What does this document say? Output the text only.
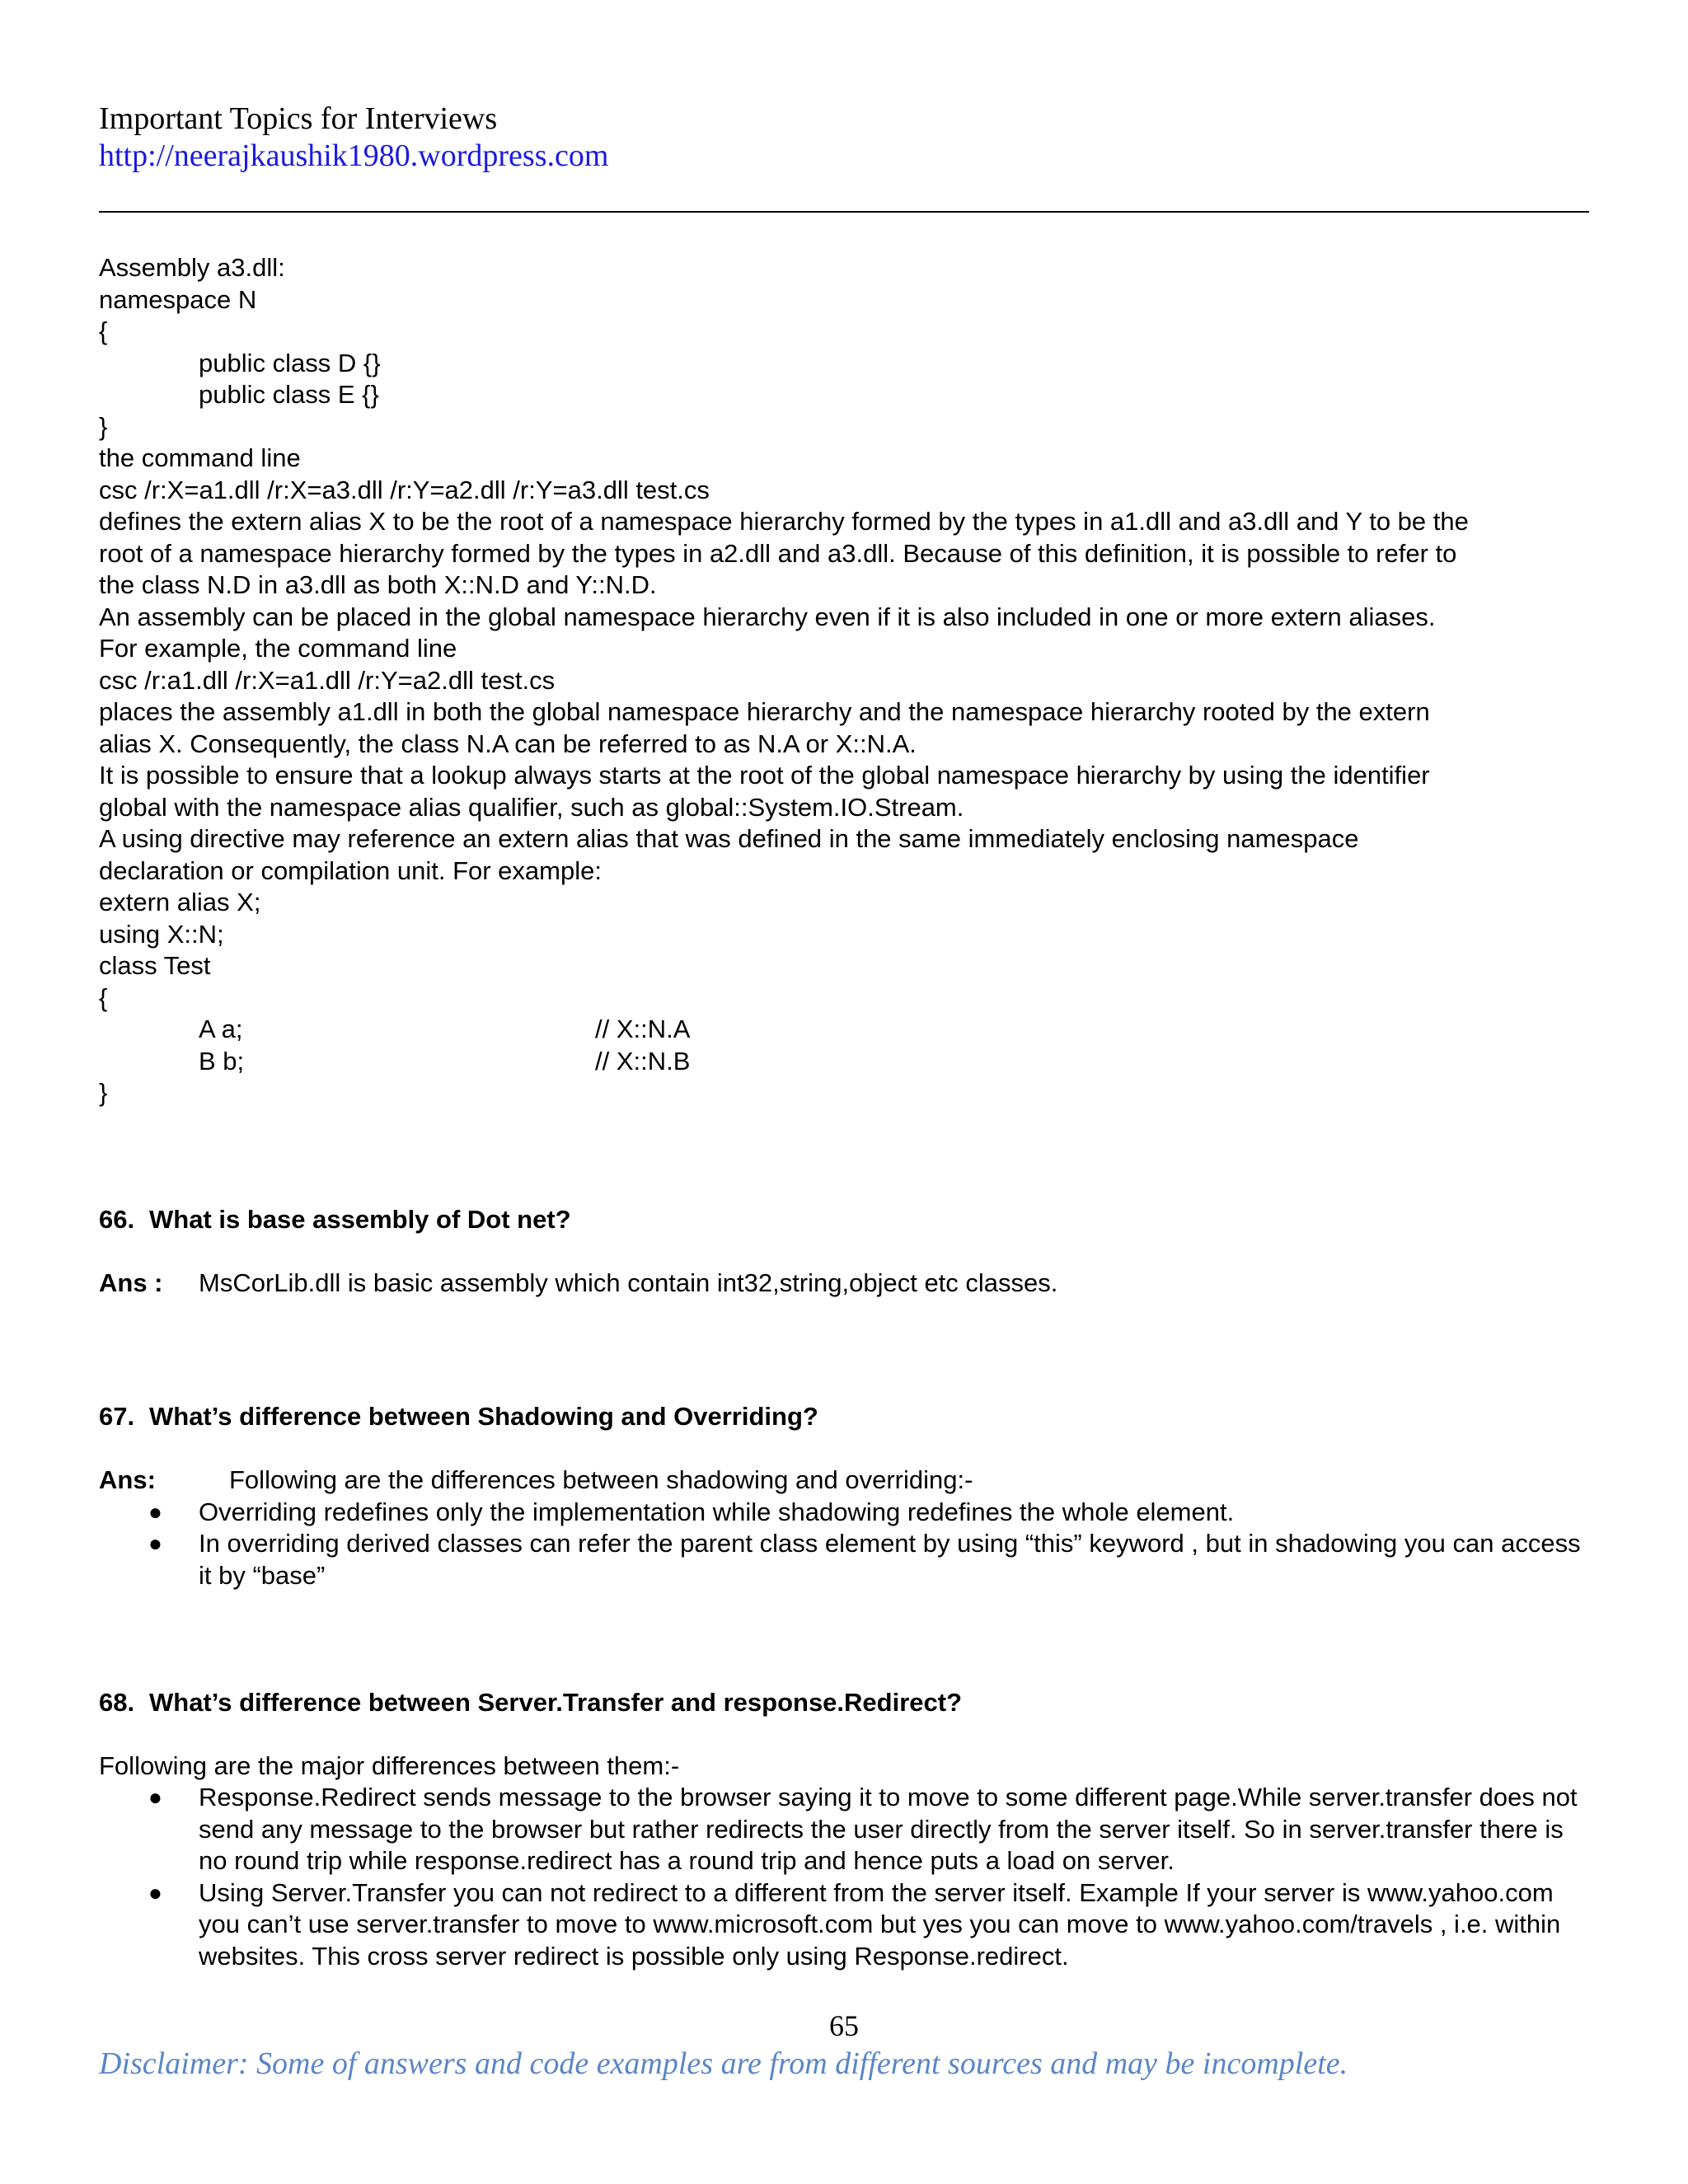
Important Topics for Interviews
http://neerajkaushik1980.wordpress.com
Assembly a3.dll:
namespace N
{
public class D {}
public class E {}
}
the command line
csc /r:X=a1.dll /r:X=a3.dll /r:Y=a2.dll /r:Y=a3.dll test.cs
defines the extern alias X to be the root of a namespace hierarchy formed by the types in a1.dll and a3.dll and Y to be the
root of a namespace hierarchy formed by the types in a2.dll and a3.dll. Because of this definition, it is possible to refer to
the class N.D in a3.dll as both X::N.D and Y::N.D.
An assembly can be placed in the global namespace hierarchy even if it is also included in one or more extern aliases.
For example, the command line
csc /r:a1.dll /r:X=a1.dll /r:Y=a2.dll test.cs
places the assembly a1.dll in both the global namespace hierarchy and the namespace hierarchy rooted by the extern
alias X. Consequently, the class N.A can be referred to as N.A or X::N.A.
It is possible to ensure that a lookup always starts at the root of the global namespace hierarchy by using the identifier
global with the namespace alias qualifier, such as global::System.IO.Stream.
A using directive may reference an extern alias that was defined in the same immediately enclosing namespace
declaration or compilation unit. For example:
extern alias X;
using X::N;
class Test
{
A a;	// X::N.A
B b;	// X::N.B
}
66. What is base assembly of Dot net?
Ans : MsCorLib.dll is basic assembly which contain int32,string,object etc classes.
67. What’s difference between Shadowing and Overriding?
Ans:	Following are the differences between shadowing and overriding:-
● Overriding redefines only the implementation while shadowing redefines the whole element.
● In overriding derived classes can refer the parent class element by using “this” keyword , but in shadowing you can access it by “base”
68. What’s difference between Server.Transfer and response.Redirect?
Following are the major differences between them:-
● Response.Redirect sends message to the browser saying it to move to some different page.While server.transfer does not send any message to the browser but rather redirects the user directly from the server itself. So in server.transfer there is no round trip while response.redirect has a round trip and hence puts a load on server.
● Using Server.Transfer you can not redirect to a different from the server itself. Example If your server is www.yahoo.com you can’t use server.transfer to move to www.microsoft.com but yes you can move to www.yahoo.com/travels , i.e. within websites. This cross server redirect is possible only using Response.redirect.
65
Disclaimer: Some of answers and code examples are from different sources and may be incomplete.
